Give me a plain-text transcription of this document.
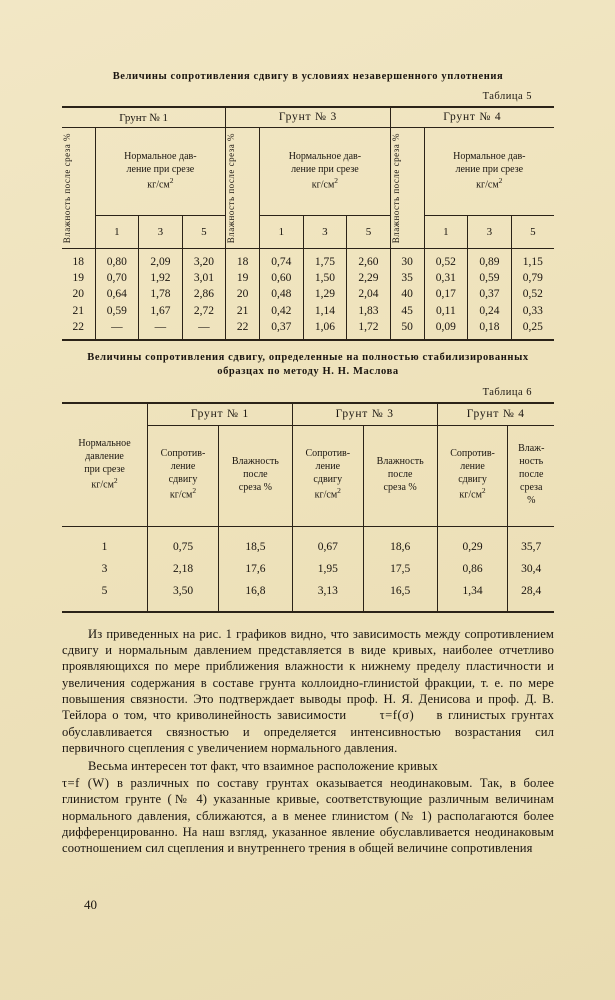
Величины сопротивления сдвигу в условиях незавершенного уплотнения
Таблица 5
Грунт № 1				Грунт № 3				Грунт № 4			

Влажность после среза %	Нормальное дав-
ление при срезе
$кг/см^2$			Влажность после среза %	Нормальное дав-
ление при срезе
$кг/см^2$			Влажность после среза %	Нормальное дав-
ление при срезе
$кг/см^2$
	1	3	5		1	3	5		1	3	5

18	0,80	2,09	3,20	18	0,74	1,75	2,60	30	0,52	0,89	1,15
19	0,70	1,92	3,01	19	0,60	1,50	2,29	35	0,31	0,59	0,79
20	0,64	1,78	2,86	20	0,48	1,29	2,04	40	0,17	0,37	0,52
21	0,59	1,67	2,72	21	0,42	1,14	1,83	45	0,11	0,24	0,33
22	—	—	—	22	0,37	1,06	1,72	50	0,09	0,18	0,25

Величины сопротивления сдвигу, определенные на полностью стабилизированных
образцах по методу Н. Н. Маслова
Таблица 6
Нормальное
давление
при срезе
$кг/см^2$	Грунт № 1		Грунт № 3		Грунт № 4	
	Сопротив-
ление
сдвигу
$кг/см^2$	Влажность
после
среза %	Сопротив-
ление
сдвигу
$кг/см^2$	Влажность
после
среза %	Сопротив-
ление
сдвигу
$кг/см^2$	Влаж-
ность
после
среза
%

1	0,75	18,5	0,67	18,6	0,29	35,7
3	2,18	17,6	1,95	17,5	0,86	30,4
5	3,50	16,8	3,13	16,5	1,34	28,4

Из приведенных на рис. 1 графиков видно, что зависимость между сопротивлением сдвигу и нормальным давлением представляется в виде кривых, наиболее отчетливо проявляющихся по мере приближения влажности к нижнему пределу пластичности и увеличения содержания в составе грунта коллоидно-глинистой фракции, т. е. по мере повышения связности. Это подтверждает выводы проф. Н. Я. Денисова и проф. Д. В. Тейлора о том, что криволинейность зависимости	τ=f(σ) в глинистых грунтах обуславливается связностью и определяется интенсивностью возрастания сил первичного сцепления с увеличением нормального давления.

Весьма интересен тот факт, что взаимное расположение кривых
τ=f (W) в различных по составу грунтах оказывается неодинаковым. Так, в более глинистом грунте (№ 4) указанные кривые, соответствующие различным величинам нормального давления, сближаются, а в менее глинистом (№ 1) располагаются более дифференцированно. На наш взгляд, указанное явление обуславливается неодинаковым соотношением сил сцепления и внутреннего трения в общей величине сопротивления

40
